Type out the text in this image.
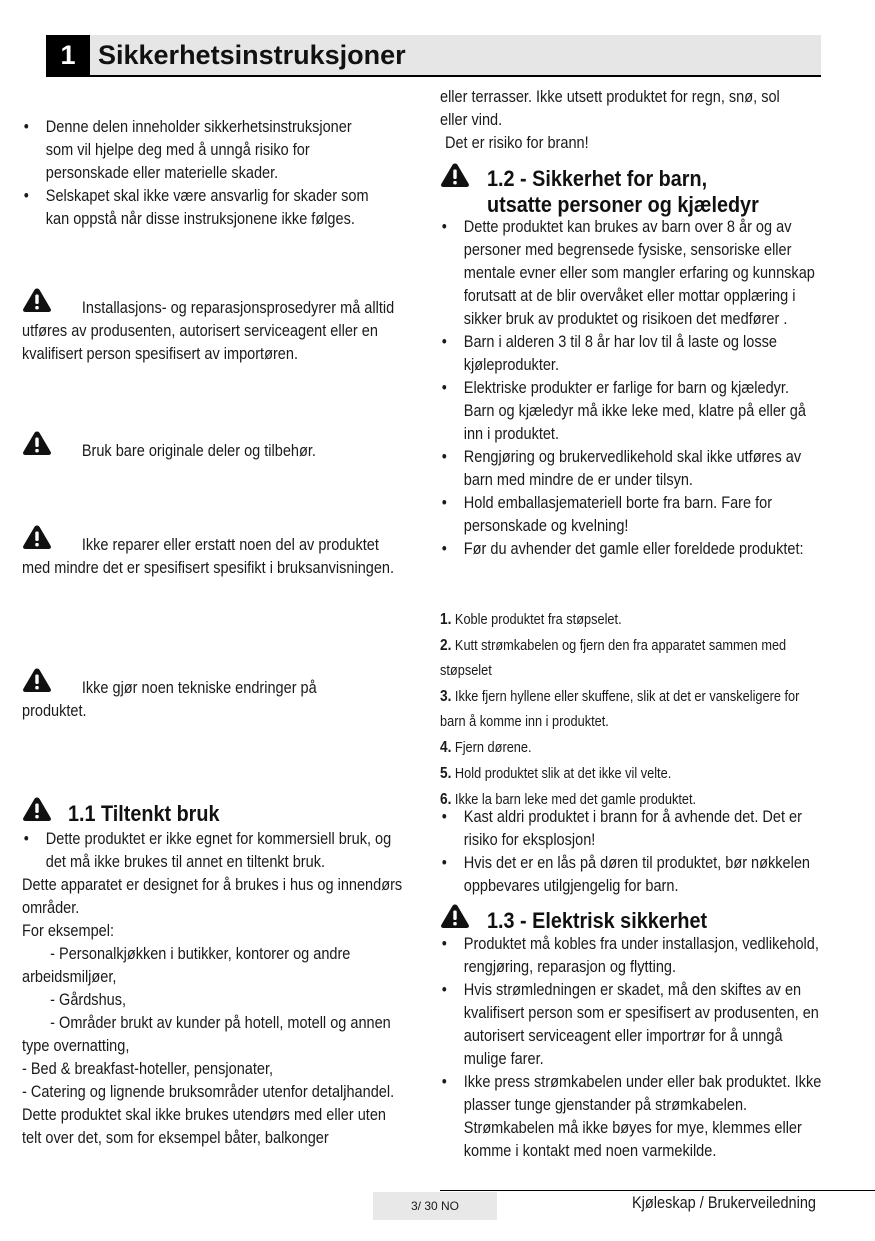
1 Sikkerhetsinstruksjoner
• Denne delen inneholder sikkerhetsinstruksjoner som vil hjelpe deg med å unngå risiko for personskade eller materielle skader.
• Selskapet skal ikke være ansvarlig for skader som kan oppstå når disse instruksjonene ikke følges.
Installasjons- og reparasjonsprosedyrer må alltid utføres av produsenten, autorisert serviceagent eller en kvalifisert person spesifisert av importøren.
Bruk bare originale deler og tilbehør.
Ikke reparer eller erstatt noen del av produktet med mindre det er spesifisert spesifikt i bruksanvisningen.
Ikke gjør noen tekniske endringer på produktet.
1.1 Tiltenkt bruk
• Dette produktet er ikke egnet for kommersiell bruk, og det må ikke brukes til annet en tiltenkt bruk.
Dette apparatet er designet for å brukes i hus og innendørs områder.
For eksempel:
- Personalkjøkken i butikker, kontorer og andre arbeidsmiljøer,
- Gårdshus,
- Områder brukt av kunder på hotell, motell og annen type overnatting,
- Bed & breakfast-hoteller, pensjonater,
- Catering og lignende bruksområder utenfor detaljhandel.
Dette produktet skal ikke brukes utendørs med eller uten telt over det, som for eksempel båter, balkonger
eller terrasser. Ikke utsett produktet for regn, snø, sol eller vind.
Det er risiko for brann!
1.2 - Sikkerhet for barn,
utsatte personer og kjæledyr
• Dette produktet kan brukes av barn over 8 år og av personer med begrensede fysiske, sensoriske eller mentale evner eller som mangler erfaring og kunnskap forutsatt at de blir overvåket eller mottar opplæring i sikker bruk av produktet og risikoen det medfører .
• Barn i alderen 3 til 8 år har lov til å laste og losse kjøleprodukter.
• Elektriske produkter er farlige for barn og kjæledyr. Barn og kjæledyr må ikke leke med, klatre på eller gå inn i produktet.
• Rengjøring og brukervedlikehold skal ikke utføres av barn med mindre de er under tilsyn.
• Hold emballasjemateriell borte fra barn. Fare for personskade og kvelning!
• Før du avhender det gamle eller foreldede produktet:
1. Koble produktet fra støpselet.
2. Kutt strømkabelen og fjern den fra apparatet sammen med støpselet
3. Ikke fjern hyllene eller skuffene, slik at det er vanskeligere for barn å komme inn i produktet.
4. Fjern dørene.
5. Hold produktet slik at det ikke vil velte.
6. Ikke la barn leke med det gamle produktet.
• Kast aldri produktet i brann for å avhende det. Det er risiko for eksplosjon!
• Hvis det er en lås på døren til produktet, bør nøkkelen oppbevares utilgjengelig for barn.
1.3 - Elektrisk sikkerhet
• Produktet må kobles fra under installasjon, vedlikehold, rengjøring, reparasjon og flytting.
• Hvis strømledningen er skadet, må den skiftes av en kvalifisert person som er spesifisert av produsenten, en autorisert serviceagent eller importrør for å unngå mulige farer.
• Ikke press strømkabelen under eller bak produktet. Ikke plasser tunge gjenstander på strømkabelen. Strømkabelen må ikke bøyes for mye, klemmes eller komme i kontakt med noen varmekilde.
3/ 30 NO	Kjøleskap / Brukerveiledning
